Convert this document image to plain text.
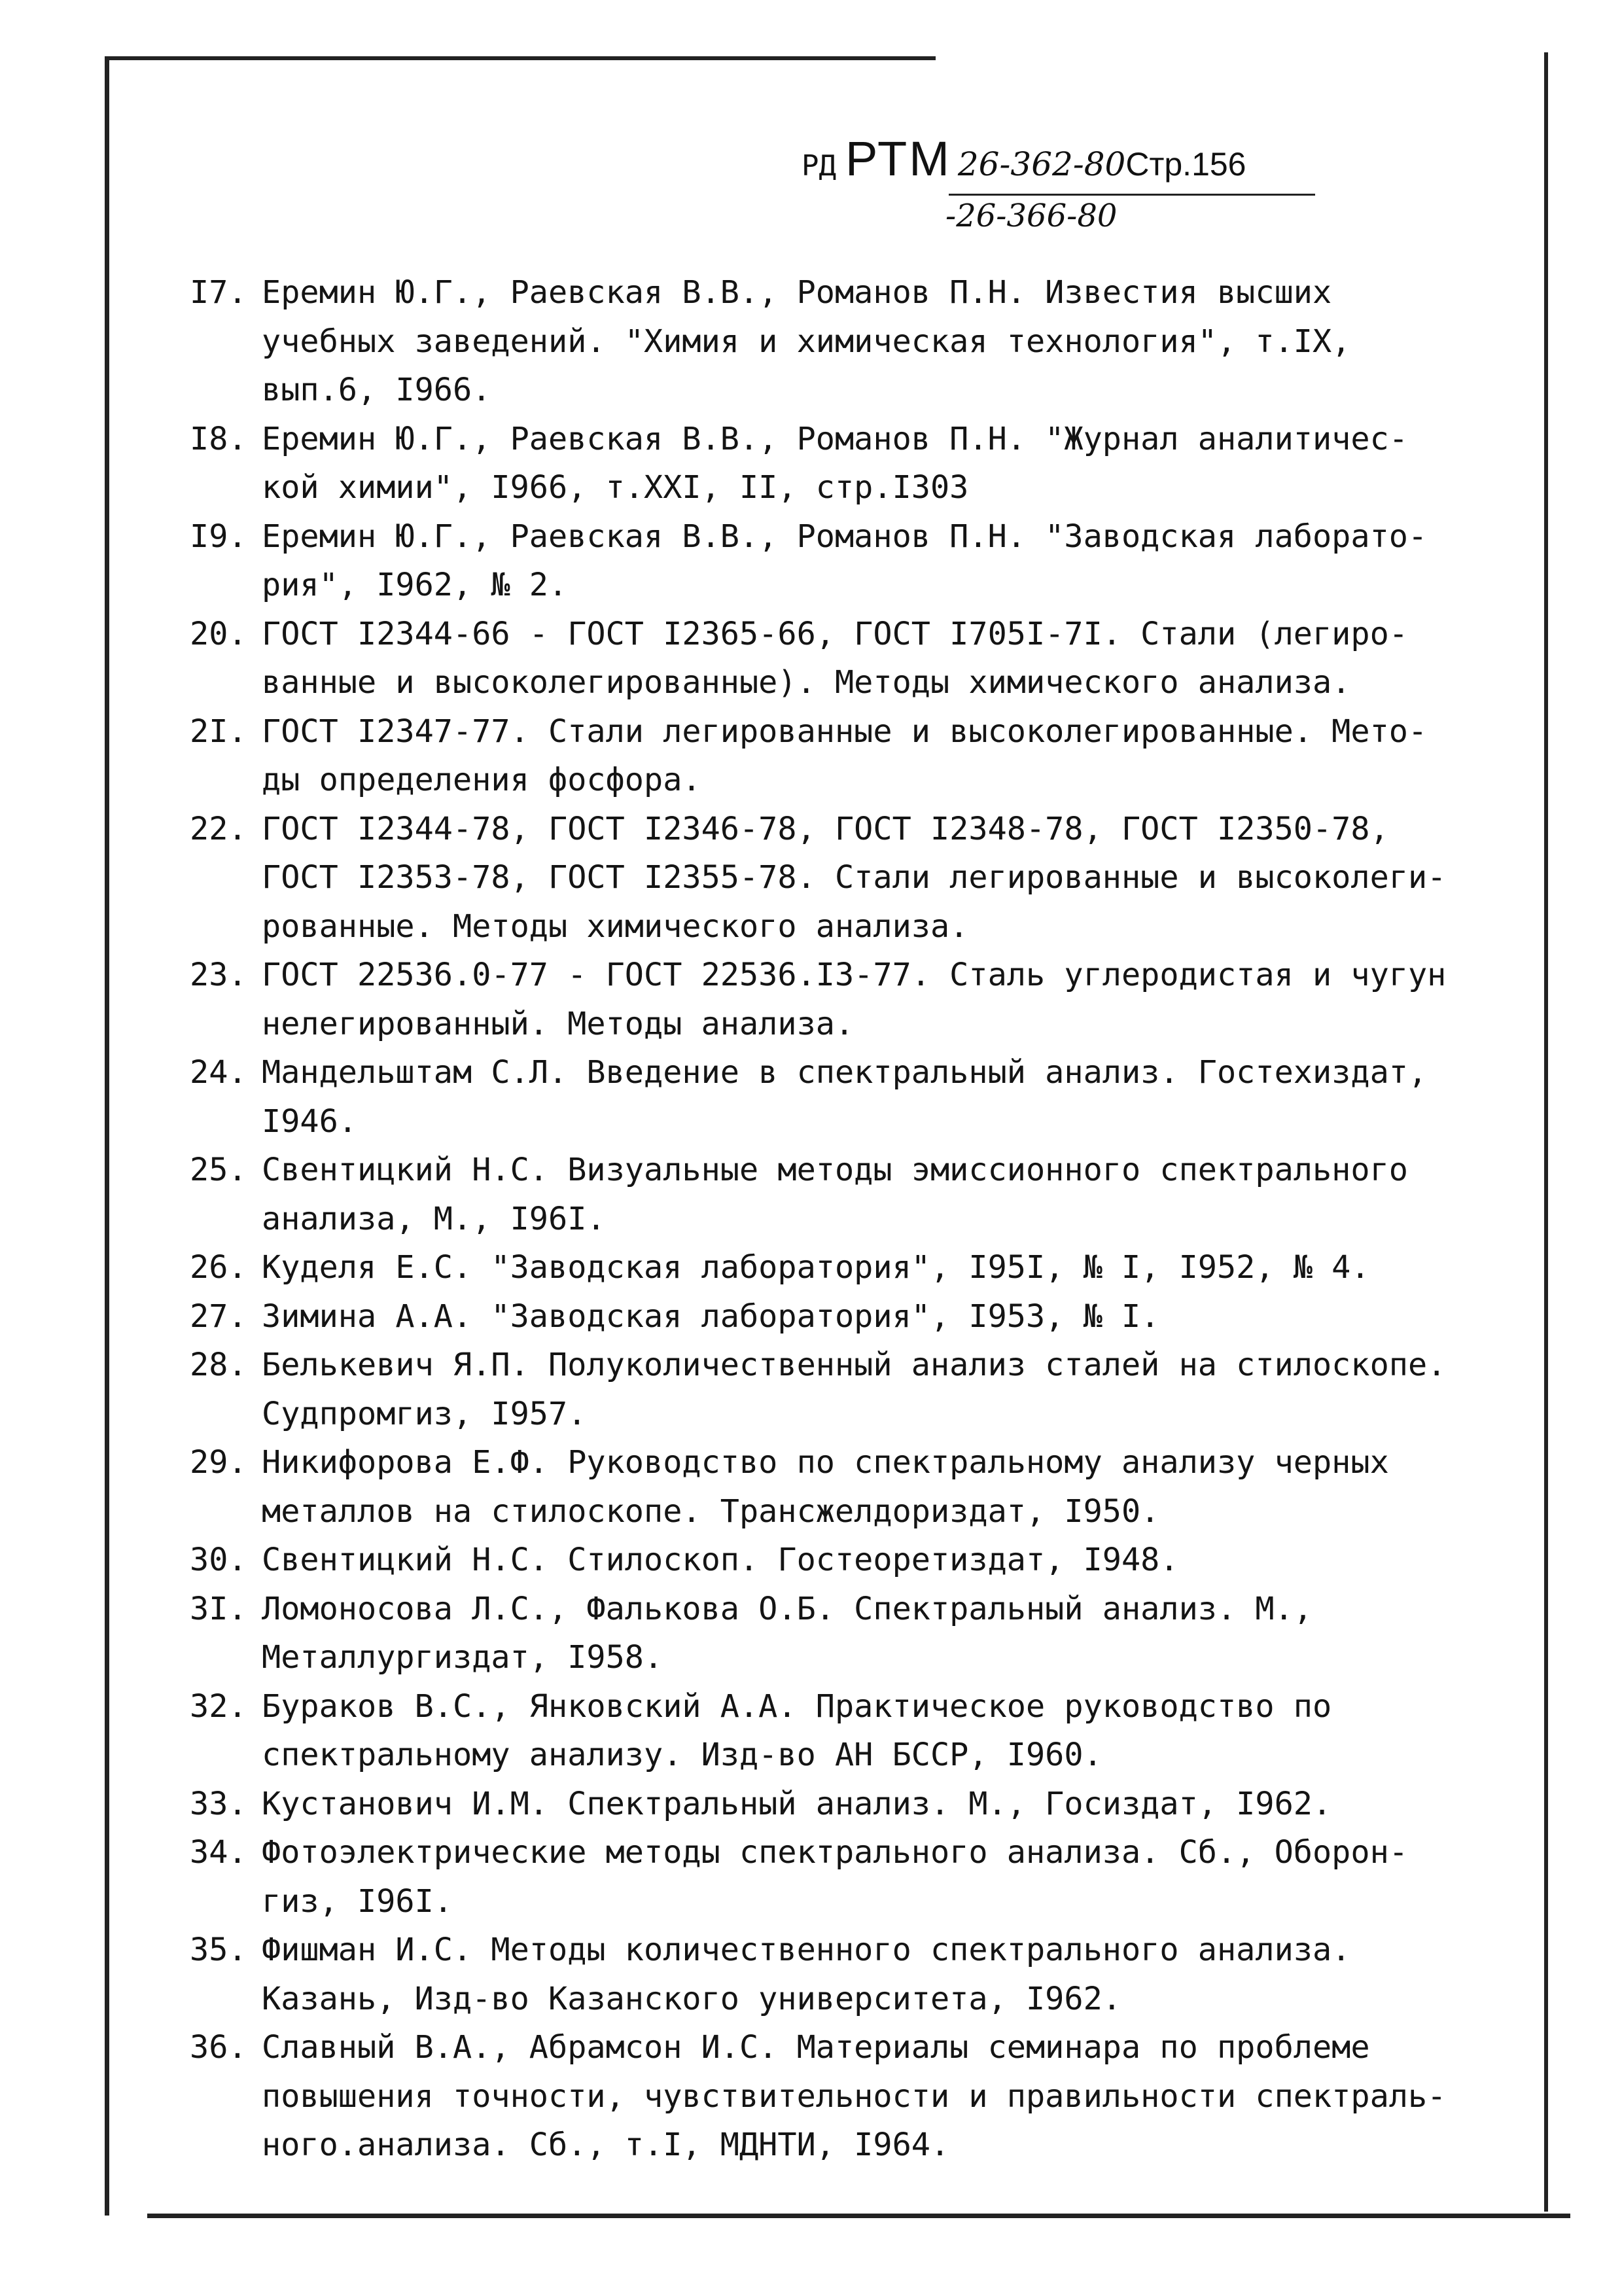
РД РТМ 26-362-80Стр.156
-26-366-80
I7. Еремин Ю.Г., Раевская В.В., Романов П.Н. Известия высших
учебных заведений. "Химия и химическая технология", т.IX,
вып.6, I966.
I8. Еремин Ю.Г., Раевская В.В., Романов П.Н. "Журнал аналитичес-
кой химии", I966, т.XXI, II, стр.I303
I9. Еремин Ю.Г., Раевская В.В., Романов П.Н. "Заводская лаборато-
рия", I962, № 2.
20. ГОСТ I2344-66 - ГОСТ I2365-66, ГОСТ I705I-7I. Стали (легиро-
ванные и высоколегированные). Методы химического анализа.
2I. ГОСТ I2347-77. Стали легированные и высоколегированные. Мето-
ды определения фосфора.
22. ГОСТ I2344-78, ГОСТ I2346-78, ГОСТ I2348-78, ГОСТ I2350-78,
ГОСТ I2353-78, ГОСТ I2355-78. Стали легированные и высоколеги-
рованные. Методы химического анализа.
23. ГОСТ 22536.0-77 - ГОСТ 22536.I3-77. Сталь углеродистая и чугун
нелегированный. Методы анализа.
24. Мандельштам С.Л. Введение в спектральный анализ. Гостехиздат,
I946.
25. Свентицкий Н.С. Визуальные методы эмиссионного спектрального
анализа, М., I96I.
26. Куделя Е.С. "Заводская лаборатория", I95I, № I, I952, № 4.
27. Зимина А.А. "Заводская лаборатория", I953, № I.
28. Белькевич Я.П. Полуколичественный анализ сталей на стилоскопе.
Судпромгиз, I957.
29. Никифорова Е.Ф. Руководство по спектральному анализу черных
металлов на стилоскопе. Трансжелдориздат, I950.
30. Свентицкий Н.С. Стилоскоп. Гостеоретиздат, I948.
3I. Ломоносова Л.С., Фалькова О.Б. Спектральный анализ. М.,
Металлургиздат, I958.
32. Бураков В.С., Янковский А.А. Практическое руководство по
спектральному анализу. Изд-во АН БССР, I960.
33. Кустанович И.М. Спектральный анализ. М., Госиздат, I962.
34. Фотоэлектрические методы спектрального анализа. Сб., Оборон-
гиз, I96I.
35. Фишман И.С. Методы количественного спектрального анализа.
Казань, Изд-во Казанского университета, I962.
36. Славный В.А., Абрамсон И.С. Материалы семинара по проблеме
повышения точности, чувствительности и правильности спектраль-
ного.анализа. Сб., т.I, МДНТИ, I964.
